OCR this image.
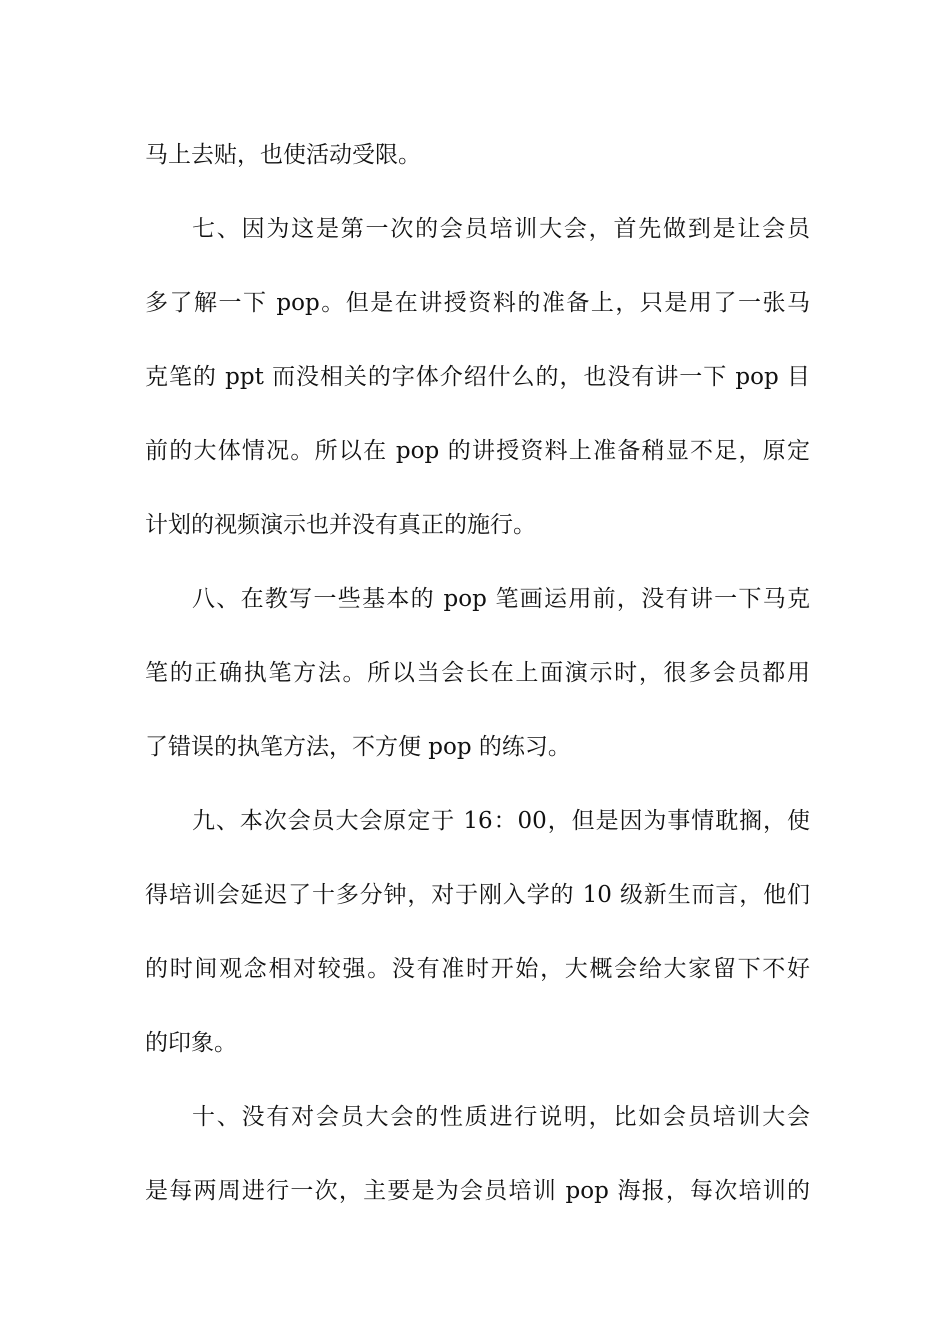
马上去贴，也使活动受限。
七、因为这是第一次的会员培训大会，首先做到是让会员
多了解一下 pop。但是在讲授资料的准备上，只是用了一张马
克笔的 ppt 而没相关的字体介绍什么的，也没有讲一下 pop 目
前的大体情况。所以在 pop 的讲授资料上准备稍显不足，原定
计划的视频演示也并没有真正的施行。
八、在教写一些基本的 pop 笔画运用前，没有讲一下马克
笔的正确执笔方法。所以当会长在上面演示时，很多会员都用
了错误的执笔方法，不方便 pop 的练习。
九、本次会员大会原定于 16：00，但是因为事情耽搁，使
得培训会延迟了十多分钟，对于刚入学的 10 级新生而言，他们
的时间观念相对较强。没有准时开始，大概会给大家留下不好
的印象。
十、没有对会员大会的性质进行说明，比如会员培训大会
是每两周进行一次，主要是为会员培训 pop 海报，每次培训的
